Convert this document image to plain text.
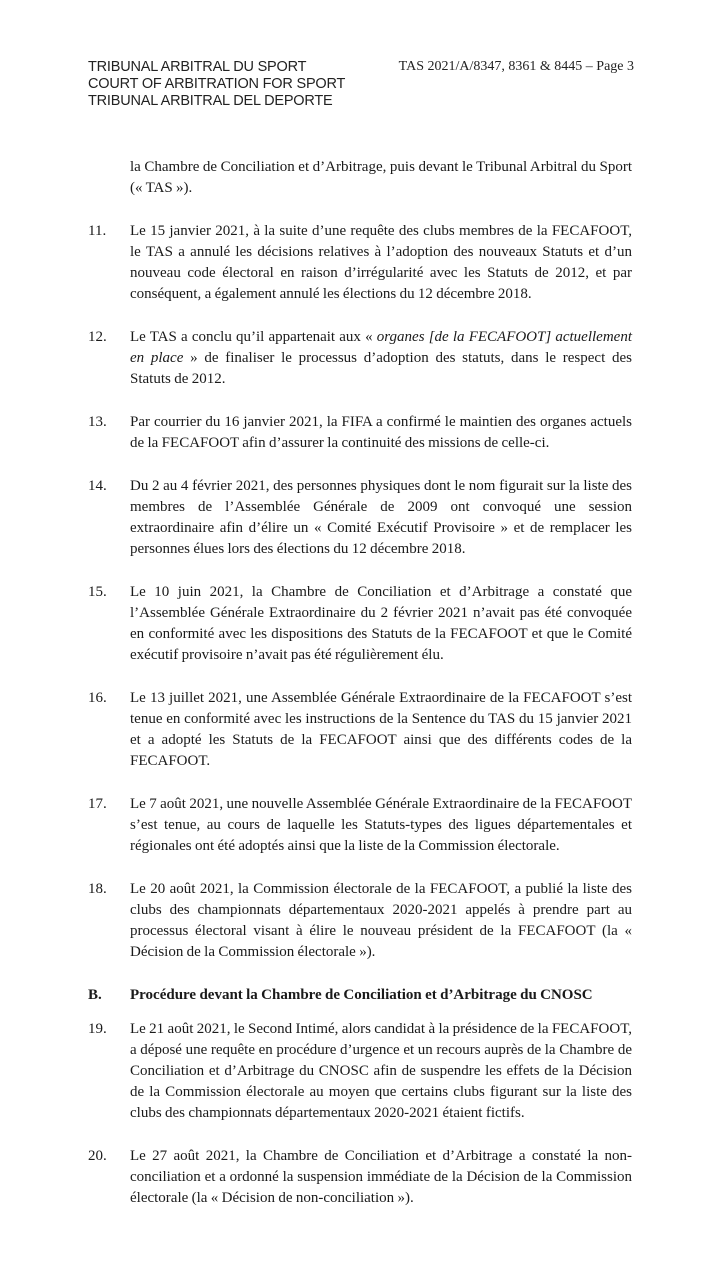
TRIBUNAL ARBITRAL DU SPORT
COURT OF ARBITRATION FOR SPORT
TRIBUNAL ARBITRAL DEL DEPORTE
TAS 2021/A/8347, 8361 & 8445 – Page 3
la Chambre de Conciliation et d’Arbitrage, puis devant le Tribunal Arbitral du Sport (« TAS »).
11. Le 15 janvier 2021, à la suite d’une requête des clubs membres de la FECAFOOT, le TAS a annulé les décisions relatives à l’adoption des nouveaux Statuts et d’un nouveau code électoral en raison d’irrégularité avec les Statuts de 2012, et par conséquent, a également annulé les élections du 12 décembre 2018.
12. Le TAS a conclu qu’il appartenait aux « organes [de la FECAFOOT] actuellement en place » de finaliser le processus d’adoption des statuts, dans le respect des Statuts de 2012.
13. Par courrier du 16 janvier 2021, la FIFA a confirmé le maintien des organes actuels de la FECAFOOT afin d’assurer la continuité des missions de celle-ci.
14. Du 2 au 4 février 2021, des personnes physiques dont le nom figurait sur la liste des membres de l’Assemblée Générale de 2009 ont convoqué une session extraordinaire afin d’élire un « Comité Exécutif Provisoire » et de remplacer les personnes élues lors des élections du 12 décembre 2018.
15. Le 10 juin 2021, la Chambre de Conciliation et d’Arbitrage a constaté que l’Assemblée Générale Extraordinaire du 2 février 2021 n’avait pas été convoquée en conformité avec les dispositions des Statuts de la FECAFOOT et que le Comité exécutif provisoire n’avait pas été régulièrement élu.
16. Le 13 juillet 2021, une Assemblée Générale Extraordinaire de la FECAFOOT s’est tenue en conformité avec les instructions de la Sentence du TAS du 15 janvier 2021 et a adopté les Statuts de la FECAFOOT ainsi que des différents codes de la FECAFOOT.
17. Le 7 août 2021, une nouvelle Assemblée Générale Extraordinaire de la FECAFOOT s’est tenue, au cours de laquelle les Statuts-types des ligues départementales et régionales ont été adoptés ainsi que la liste de la Commission électorale.
18. Le 20 août 2021, la Commission électorale de la FECAFOOT, a publié la liste des clubs des championnats départementaux 2020-2021 appelés à prendre part au processus électoral visant à élire le nouveau président de la FECAFOOT (la « Décision de la Commission électorale »).
B. Procédure devant la Chambre de Conciliation et d’Arbitrage du CNOSC
19. Le 21 août 2021, le Second Intimé, alors candidat à la présidence de la FECAFOOT, a déposé une requête en procédure d’urgence et un recours auprès de la Chambre de Conciliation et d’Arbitrage du CNOSC afin de suspendre les effets de la Décision de la Commission électorale au moyen que certains clubs figurant sur la liste des clubs des championnats départementaux 2020-2021 étaient fictifs.
20. Le 27 août 2021, la Chambre de Conciliation et d’Arbitrage a constaté la non-conciliation et a ordonné la suspension immédiate de la Décision de la Commission électorale (la « Décision de non-conciliation »).
